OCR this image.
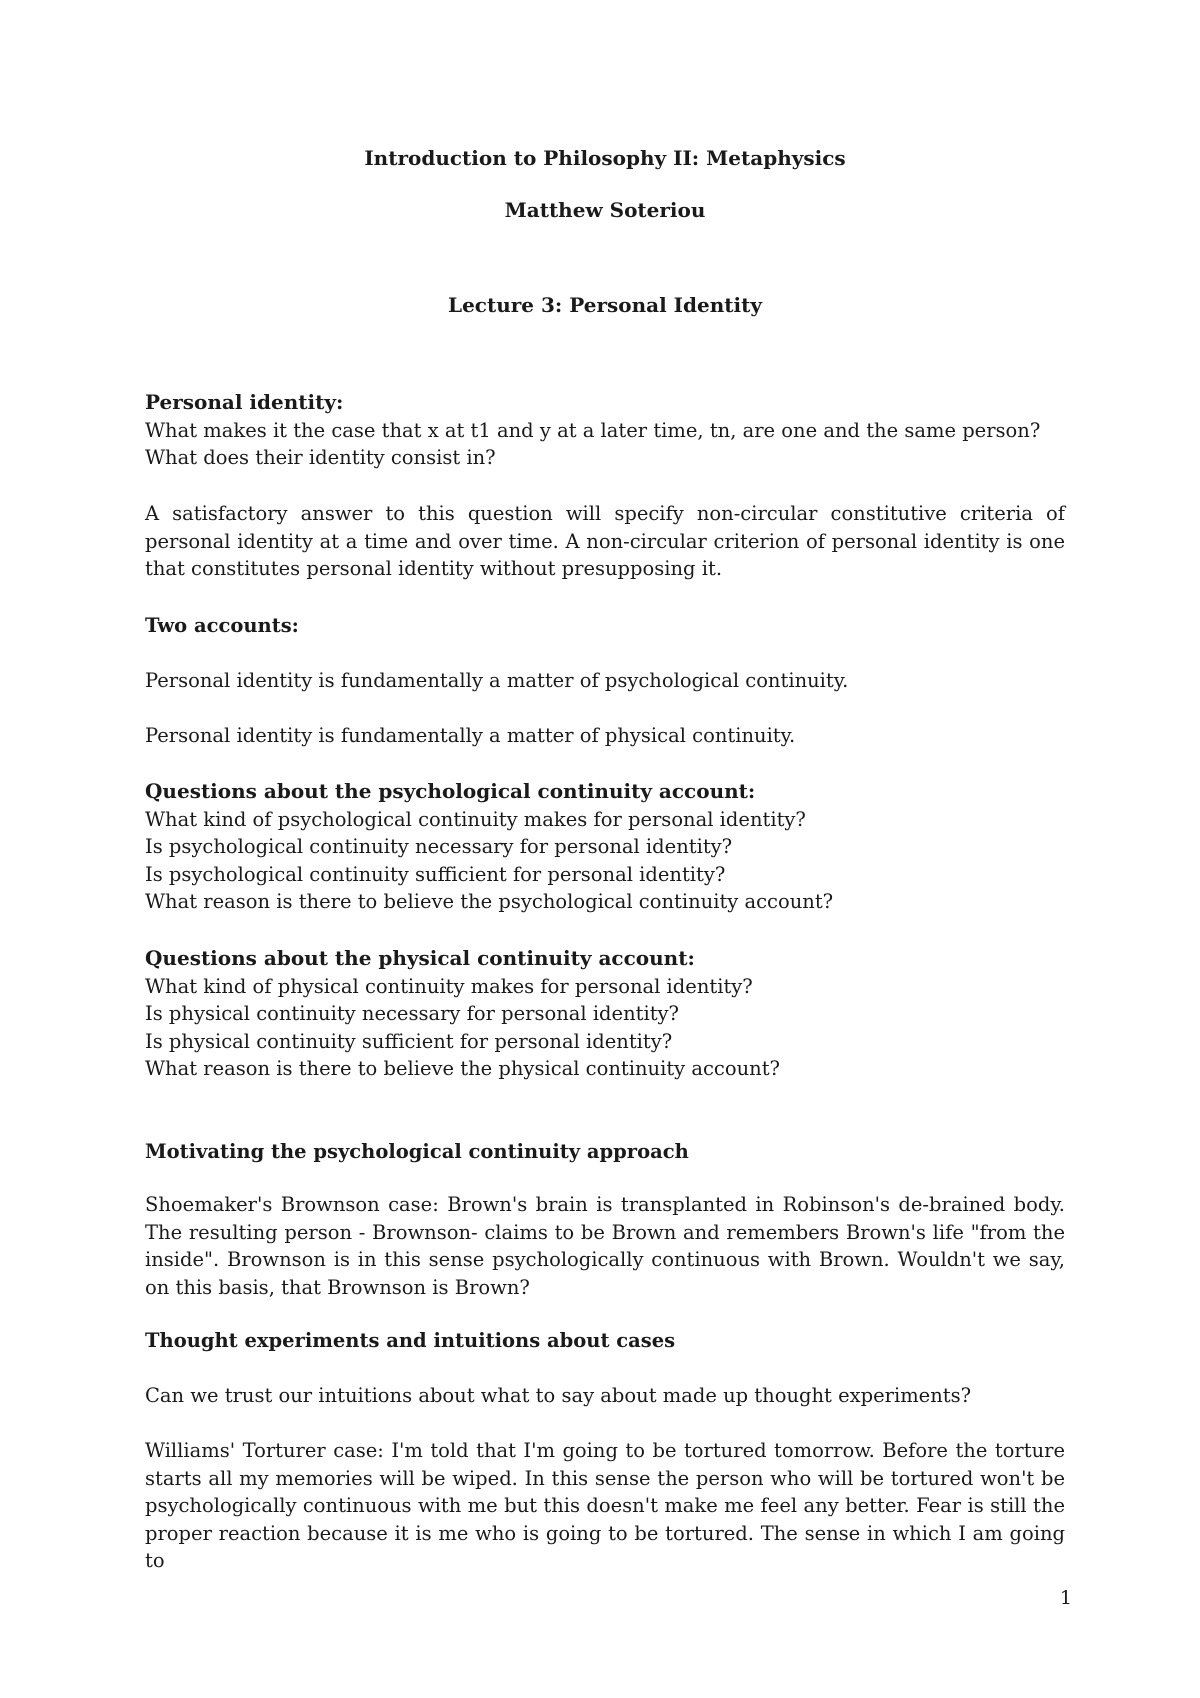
Introduction to Philosophy II: Metaphysics
Matthew Soteriou
Lecture 3: Personal Identity
Personal identity:
What makes it the case that x at t1 and y at a later time, tn, are one and the same person?
What does their identity consist in?
A satisfactory answer to this question will specify non-circular constitutive criteria of personal identity at a time and over time. A non-circular criterion of personal identity is one that constitutes personal identity without presupposing it.
Two accounts:
Personal identity is fundamentally a matter of psychological continuity.
Personal identity is fundamentally a matter of physical continuity.
Questions about the psychological continuity account:
What kind of psychological continuity makes for personal identity?
Is psychological continuity necessary for personal identity?
Is psychological continuity sufficient for personal identity?
What reason is there to believe the psychological continuity account?
Questions about the physical continuity account:
What kind of physical continuity makes for personal identity?
Is physical continuity necessary for personal identity?
Is physical continuity sufficient for personal identity?
What reason is there to believe the physical continuity account?
Motivating the psychological continuity approach
Shoemaker's Brownson case: Brown's brain is transplanted in Robinson's de-brained body. The resulting person - Brownson- claims to be Brown and remembers Brown's life "from the inside". Brownson is in this sense psychologically continuous with Brown. Wouldn't we say, on this basis, that Brownson is Brown?
Thought experiments and intuitions about cases
Can we trust our intuitions about what to say about made up thought experiments?
Williams' Torturer case: I'm told that I'm going to be tortured tomorrow. Before the torture starts all my memories will be wiped. In this sense the person who will be tortured won't be psychologically continuous with me but this doesn't make me feel any better. Fear is still the proper reaction because it is me who is going to be tortured. The sense in which I am going to
1
